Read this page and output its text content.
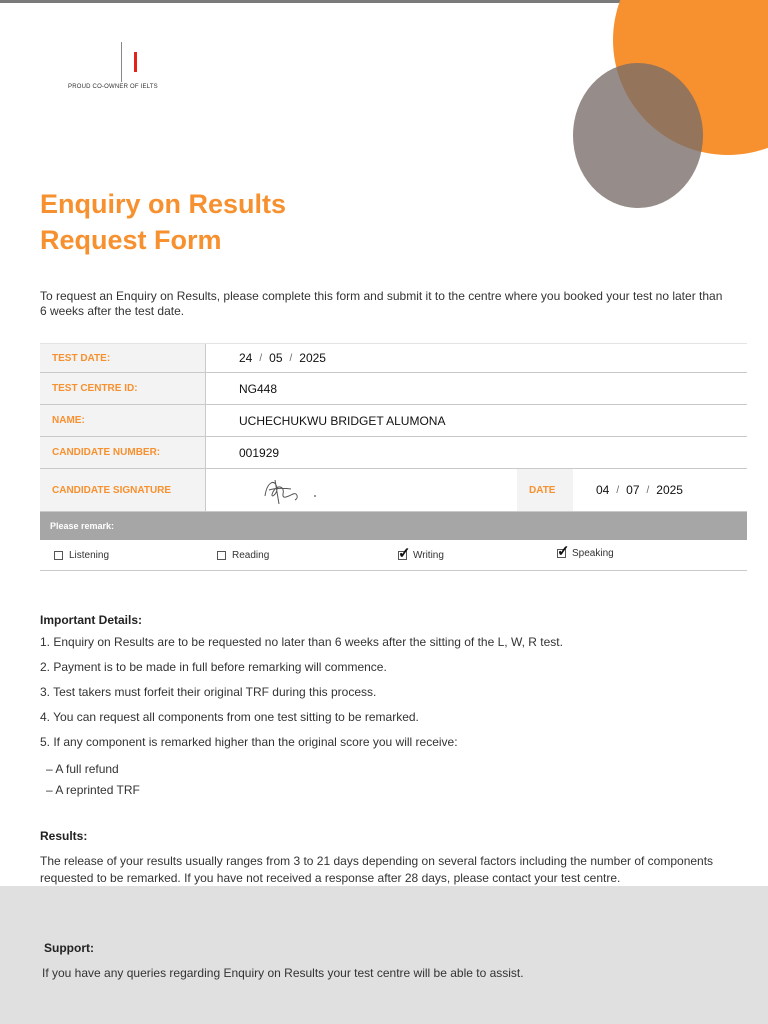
PROUD CO-OWNER OF IELTS
Enquiry on Results
Request Form

To request an Enquiry on Results, please complete this form and submit it to the centre where you booked your test no later than 6 weeks after the test date.

TEST DATE:	24 / 05 / 2025
TEST CENTRE ID:	NG448
NAME:	UCHECHUKWU BRIDGET ALUMONA
CANDIDATE NUMBER:	001929
CANDIDATE SIGNATURE	DATE	04 / 07 / 2025
Please remark:
Listening	Reading	✓ Writing	✓ Speaking
Important Details:
1. Enquiry on Results are to be requested no later than 6 weeks after the sitting of the L, W, R test.
2. Payment is to be made in full before remarking will commence.
3. Test takers must forfeit their original TRF during this process.
4. You can request all components from one test sitting to be remarked.
5. If any component is remarked higher than the original score you will receive:
– A full refund
– A reprinted TRF
Results:

The release of your results usually ranges from 3 to 21 days depending on several factors including the number of components requested to be remarked. If you have not received a response after 28 days, please contact your test centre.

Support:

If you have any queries regarding Enquiry on Results your test centre will be able to assist.
